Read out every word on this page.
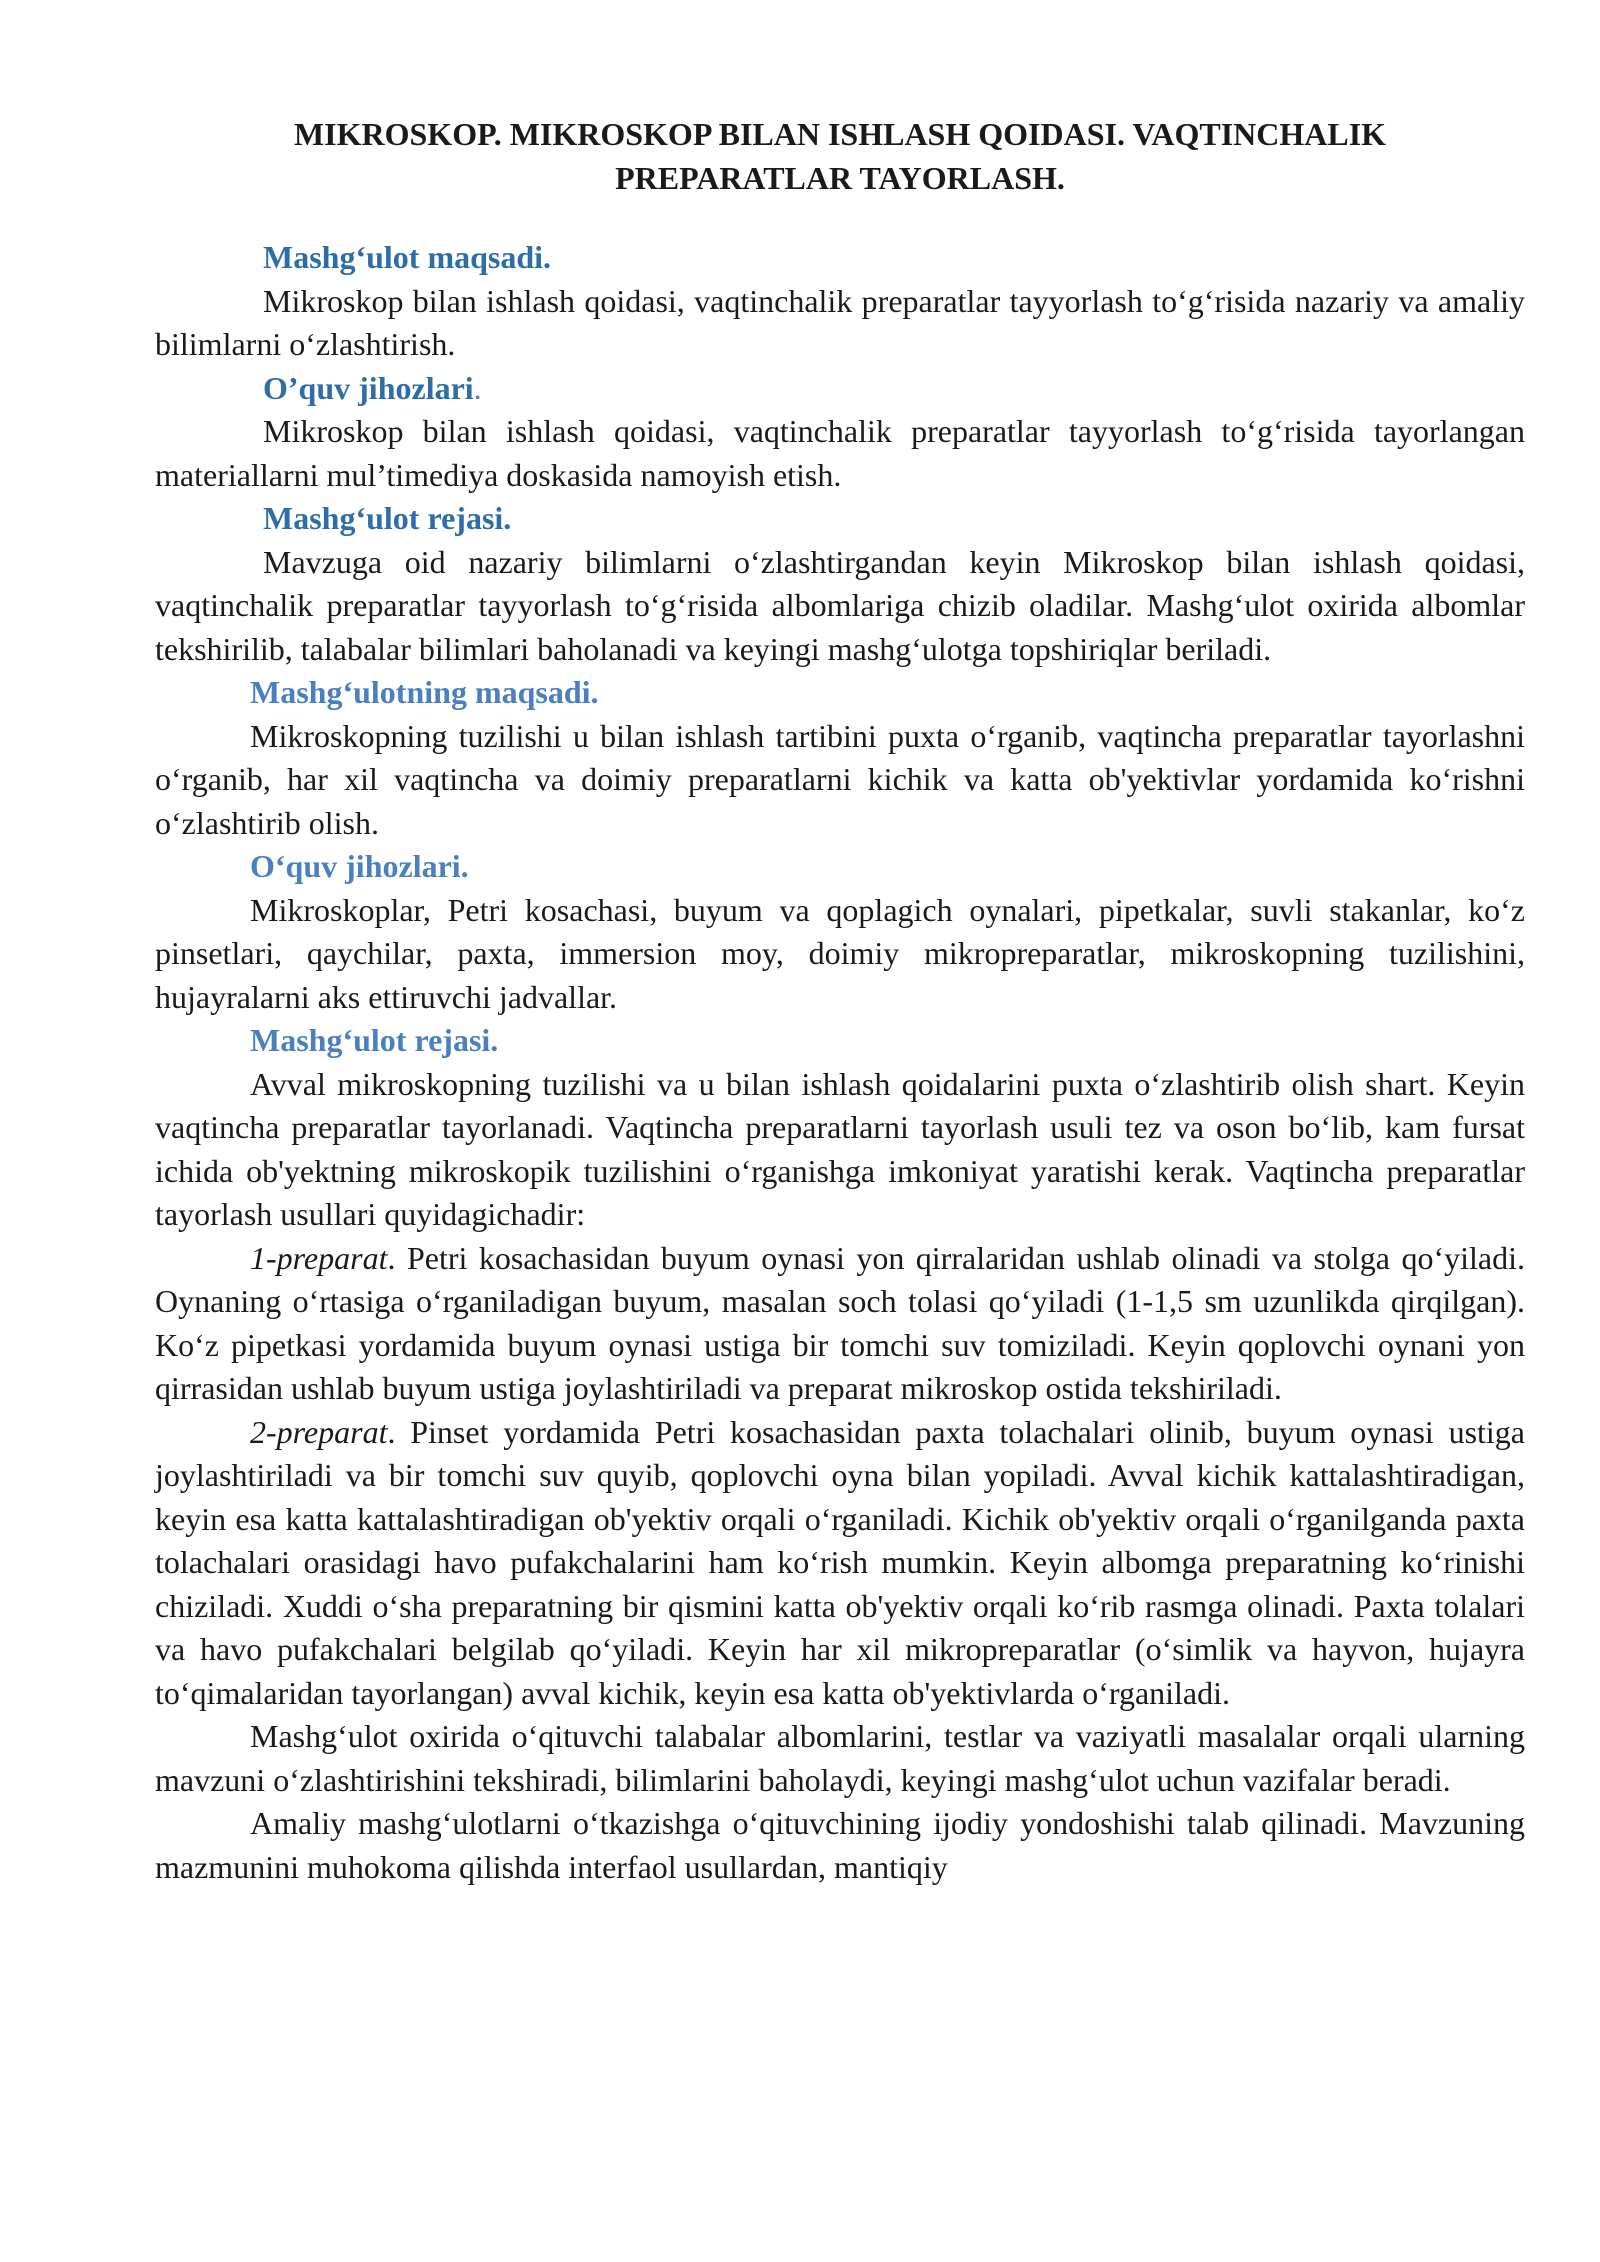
MIKROSKOP. MIKROSKOP BILAN ISHLASH QOIDASI. VAQTINCHALIK
PREPARATLAR TAYORLASH.
Mashg‘ulot maqsadi.

Mikroskop bilan ishlash qoidasi, vaqtinchalik preparatlar tayyorlash to‘g‘risida nazariy va amaliy bilimlarni o‘zlashtirish.

O’quv jihozlari.

Mikroskop bilan ishlash qoidasi, vaqtinchalik preparatlar tayyorlash to‘g‘risida tayorlangan materiallarni mul’timediya doskasida namoyish etish.

Mashg‘ulot rejasi.

Mavzuga oid nazariy bilimlarni o‘zlashtirgandan keyin Mikroskop bilan ishlash qoidasi, vaqtinchalik preparatlar tayyorlash to‘g‘risida albomlariga chizib oladilar. Mashg‘ulot oxirida albomlar tekshirilib, talabalar bilimlari baholanadi va keyingi mashg‘ulotga topshiriqlar beriladi.

Mashg‘ulotning maqsadi.

Mikroskopning tuzilishi u bilan ishlash tartibini puxta o‘rganib, vaqtincha preparatlar tayorlashni o‘rganib, har xil vaqtincha va doimiy preparatlarni kichik va katta ob'yektivlar yordamida ko‘rishni o‘zlashtirib olish.

O‘quv jihozlari.

Mikroskoplar, Petri kosachasi, buyum va qoplagich oynalari, pipetkalar, suvli stakanlar, ko‘z pinsetlari, qaychilar, paxta, immersion moy, doimiy mikropreparatlar, mikroskopning tuzilishini, hujayralarni aks ettiruvchi jadvallar.

Mashg‘ulot rejasi.

Avval mikroskopning tuzilishi va u bilan ishlash qoidalarini puxta o‘zlashtirib olish shart. Keyin vaqtincha preparatlar tayorlanadi. Vaqtincha preparatlarni tayorlash usuli tez va oson bo‘lib, kam fursat ichida ob'yektning mikroskopik tuzilishini o‘rganishga imkoniyat yaratishi kerak. Vaqtincha preparatlar tayorlash usullari quyidagichadir:

1-preparat. Petri kosachasidan buyum oynasi yon qirralaridan ushlab olinadi va stolga qo‘yiladi. Oynaning o‘rtasiga o‘rganiladigan buyum, masalan soch tolasi qo‘yiladi (1-1,5 sm uzunlikda qirqilgan). Ko‘z pipetkasi yordamida buyum oynasi ustiga bir tomchi suv tomiziladi. Keyin qoplovchi oynani yon qirrasidan ushlab buyum ustiga joylashtiriladi va preparat mikroskop ostida tekshiriladi.

2-preparat. Pinset yordamida Petri kosachasidan paxta tolachalari olinib, buyum oynasi ustiga joylashtiriladi va bir tomchi suv quyib, qoplovchi oyna bilan yopiladi. Avval kichik kattalashtiradigan, keyin esa katta kattalashtiradigan ob'yektiv orqali o‘rganiladi. Kichik ob'yektiv orqali o‘rganilganda paxta tolachalari orasidagi havo pufakchalarini ham ko‘rish mumkin. Keyin albomga preparatning ko‘rinishi chiziladi. Xuddi o‘sha preparatning bir qismini katta ob'yektiv orqali ko‘rib rasmga olinadi. Paxta tolalari va havo pufakchalari belgilab qo‘yiladi. Keyin har xil mikropreparatlar (o‘simlik va hayvon, hujayra to‘qimalaridan tayorlangan) avval kichik, keyin esa katta ob'yektivlarda o‘rganiladi.

Mashg‘ulot oxirida o‘qituvchi talabalar albomlarini, testlar va vaziyatli masalalar orqali ularning mavzuni o‘zlashtirishini tekshiradi, bilimlarini baholaydi, keyingi mashg‘ulot uchun vazifalar beradi.

Amaliy mashg‘ulotlarni o‘tkazishga o‘qituvchining ijodiy yondoshishi talab qilinadi. Mavzuning mazmunini muhokoma qilishda interfaol usullardan, mantiqiy
